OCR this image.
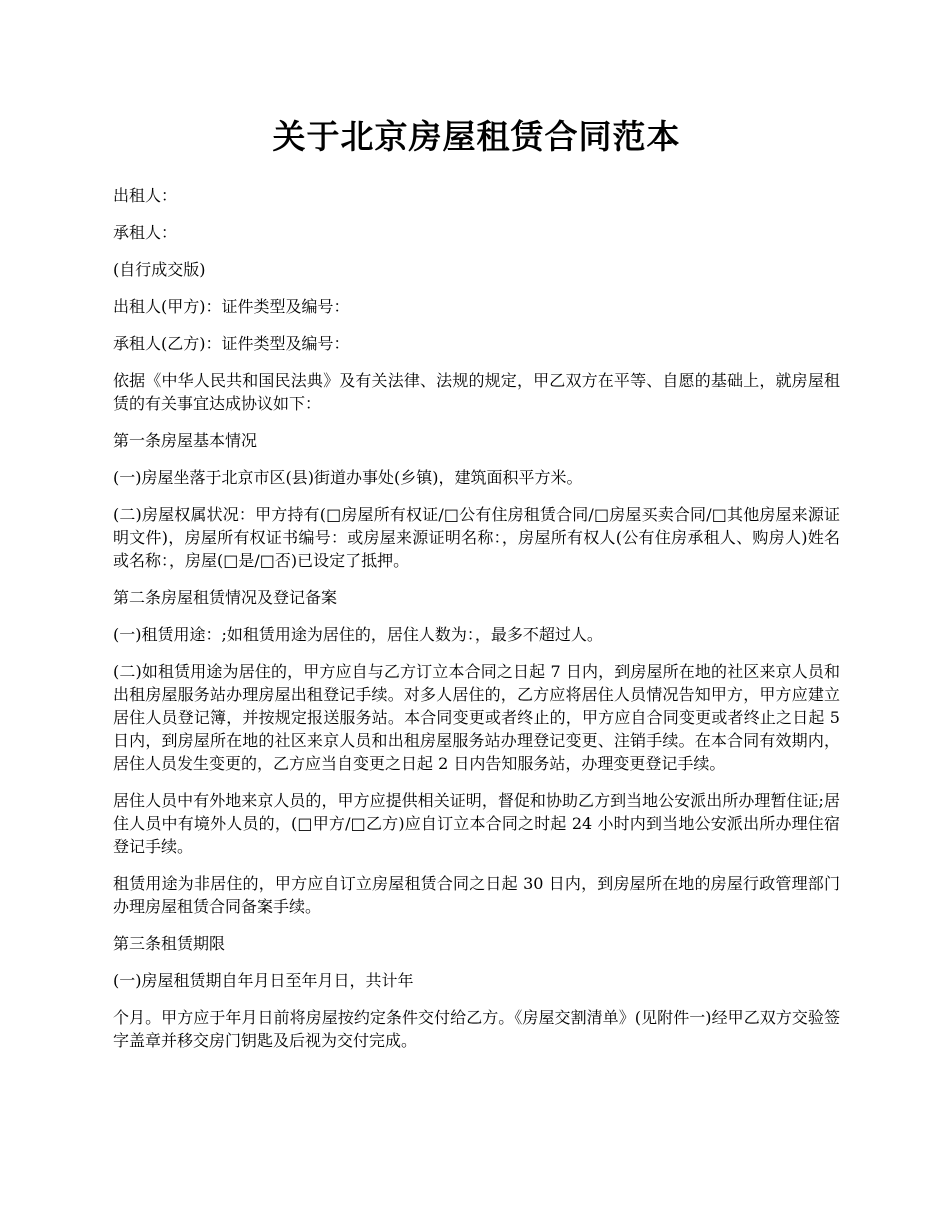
关于北京房屋租赁合同范本

出租人：

承租人：

(自行成交版)

出租人(甲方)：证件类型及编号：

承租人(乙方)：证件类型及编号：

依据《中华人民共和国民法典》及有关法律、法规的规定，甲乙双方在平等、自愿的基础上，就房屋租赁的有关事宜达成协议如下：

第一条房屋基本情况

(一)房屋坐落于北京市区(县)街道办事处(乡镇)，建筑面积平方米。

(二)房屋权属状况：甲方持有(□房屋所有权证/□公有住房租赁合同/□房屋买卖合同/□其他房屋来源证明文件)，房屋所有权证书编号：或房屋来源证明名称：，房屋所有权人(公有住房承租人、购房人)姓名或名称：，房屋(□是/□否)已设定了抵押。

第二条房屋租赁情况及登记备案

(一)租赁用途：;如租赁用途为居住的，居住人数为：，最多不超过人。

(二)如租赁用途为居住的，甲方应自与乙方订立本合同之日起 7 日内，到房屋所在地的社区来京人员和出租房屋服务站办理房屋出租登记手续。对多人居住的，乙方应将居住人员情况告知甲方，甲方应建立居住人员登记簿，并按规定报送服务站。本合同变更或者终止的，甲方应自合同变更或者终止之日起 5 日内，到房屋所在地的社区来京人员和出租房屋服务站办理登记变更、注销手续。在本合同有效期内，居住人员发生变更的，乙方应当自变更之日起 2 日内告知服务站，办理变更登记手续。

居住人员中有外地来京人员的，甲方应提供相关证明，督促和协助乙方到当地公安派出所办理暂住证;居住人员中有境外人员的，(□甲方/□乙方)应自订立本合同之时起 24 小时内到当地公安派出所办理住宿登记手续。

租赁用途为非居住的，甲方应自订立房屋租赁合同之日起 30 日内，到房屋所在地的房屋行政管理部门办理房屋租赁合同备案手续。

第三条租赁期限

(一)房屋租赁期自年月日至年月日，共计年

个月。甲方应于年月日前将房屋按约定条件交付给乙方。《房屋交割清单》(见附件一)经甲乙双方交验签字盖章并移交房门钥匙及后视为交付完成。
